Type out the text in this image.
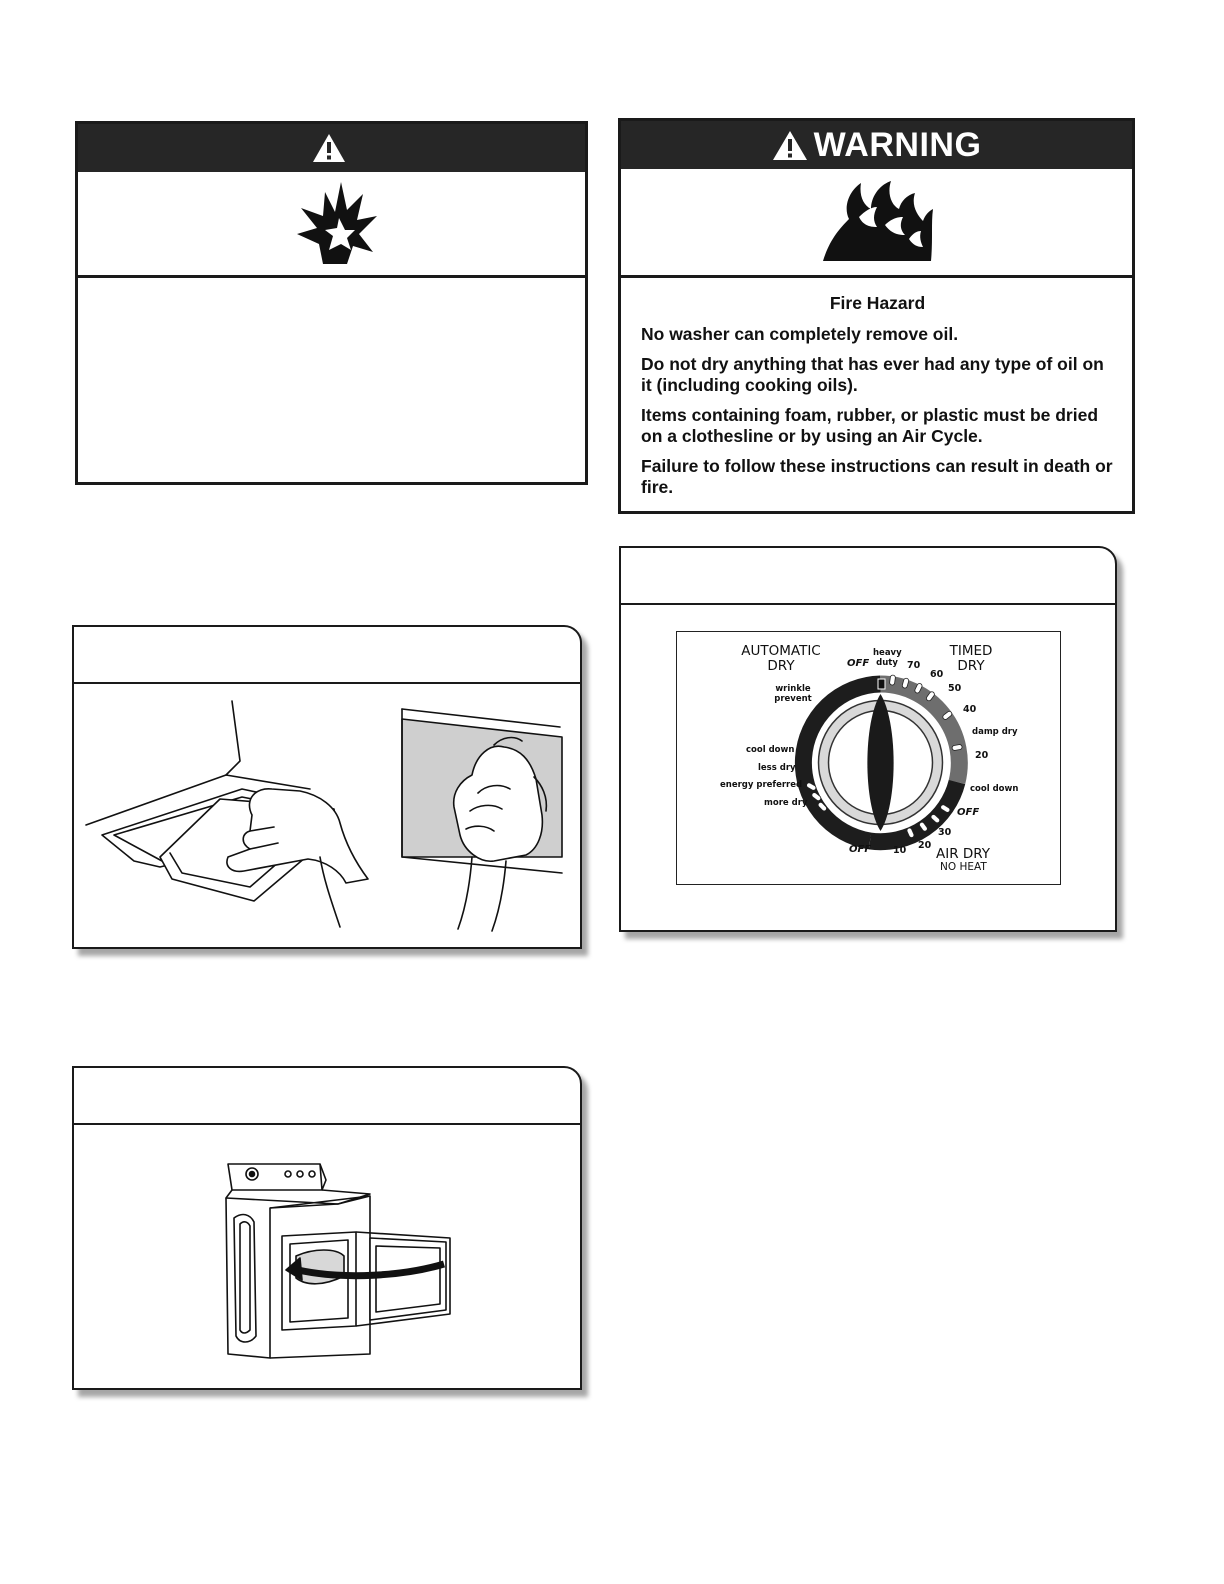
WARNING

Fire Hazard

No washer can completely remove oil.

Do not dry anything that has ever had any type of oil on it (including cooking oils).

Items containing foam, rubber, or plastic must be dried on a clothesline or by using an Air Cycle.

Failure to follow these instructions can result in death or fire.

AUTOMATIC DRY
TIMED DRY
OFF
heavy duty 70
60
50
40
damp dry
20
cool down
OFF
30
20
10
OFF	AIR DRY
NO HEAT
wrinkle prevent
cool down
less dry
energy preferred
more dry
